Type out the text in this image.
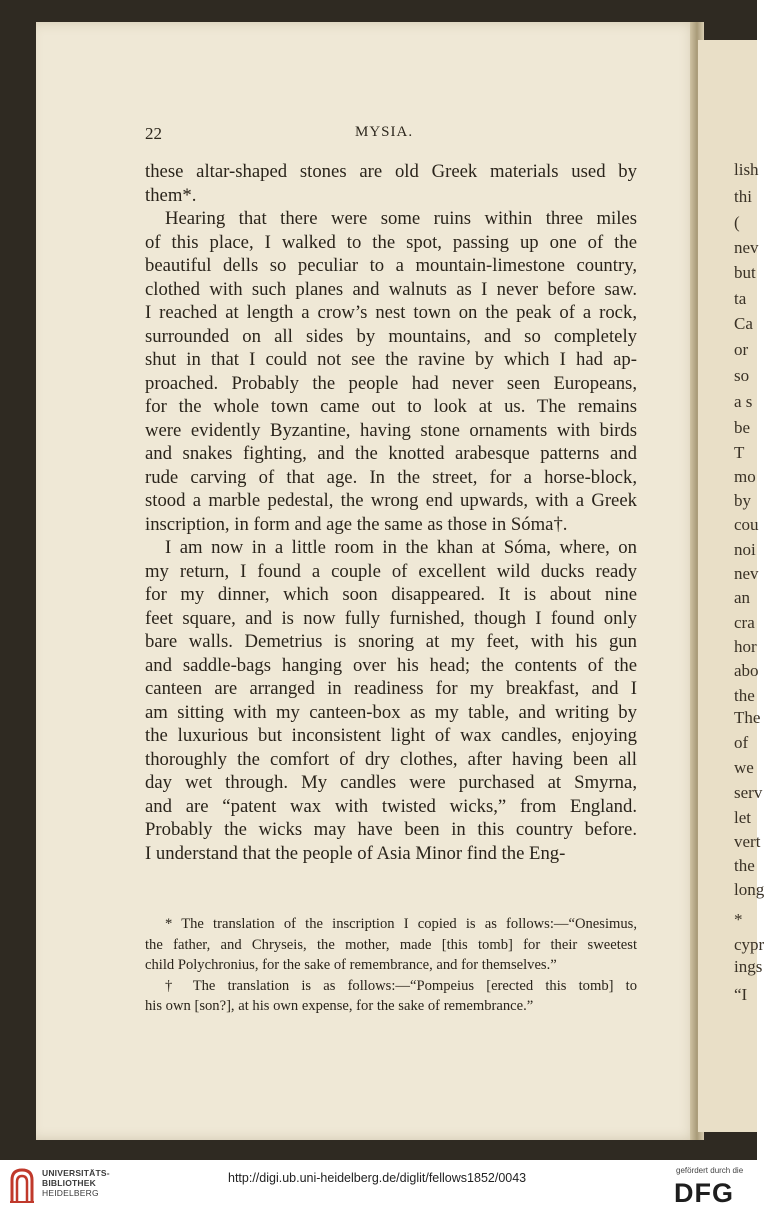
lish
thi
(
nev
but
ta
Ca
or
so
a s
be
T
mo
by
cou
noi
nev
an
cra
hor
abo
the
The
of
we
serv
let
vert
the
long
*
cypr
ings
“I
22	MYSIA.
these altar-shaped stones are old Greek materials used by
them*.
Hearing that there were some ruins within three miles
of this place, I walked to the spot, passing up one of the
beautiful dells so peculiar to a mountain-limestone country,
clothed with such planes and walnuts as I never before saw.
I reached at length a crow’s nest town on the peak of a rock,
surrounded on all sides by mountains, and so completely
shut in that I could not see the ravine by which I had ap-
proached. Probably the people had never seen Europeans,
for the whole town came out to look at us. The remains
were evidently Byzantine, having stone ornaments with birds
and snakes fighting, and the knotted arabesque patterns and
rude carving of that age. In the street, for a horse-block,
stood a marble pedestal, the wrong end upwards, with a Greek
inscription, in form and age the same as those in Sóma†.
I am now in a little room in the khan at Sóma, where, on
my return, I found a couple of excellent wild ducks ready
for my dinner, which soon disappeared. It is about nine
feet square, and is now fully furnished, though I found only
bare walls. Demetrius is snoring at my feet, with his gun
and saddle-bags hanging over his head; the contents of the
canteen are arranged in readiness for my breakfast, and I
am sitting with my canteen-box as my table, and writing by
the luxurious but inconsistent light of wax candles, enjoying
thoroughly the comfort of dry clothes, after having been all
day wet through. My candles were purchased at Smyrna,
and are “patent wax with twisted wicks,” from England.
Probably the wicks may have been in this country before.
I understand that the people of Asia Minor find the Eng-
* The translation of the inscription I copied is as follows:—“Onesimus,
the father, and Chryseis, the mother, made [this tomb] for their sweetest
child Polychronius, for the sake of remembrance, and for themselves.”
† The translation is as follows:—“Pompeius [erected this tomb] to
his own [son?], at his own expense, for the sake of remembrance.”
UNIVERSITÄTS-
BIBLIOTHEK
HEIDELBERG
http://digi.ub.uni-heidelberg.de/diglit/fellows1852/0043
gefördert durch die
DFG
